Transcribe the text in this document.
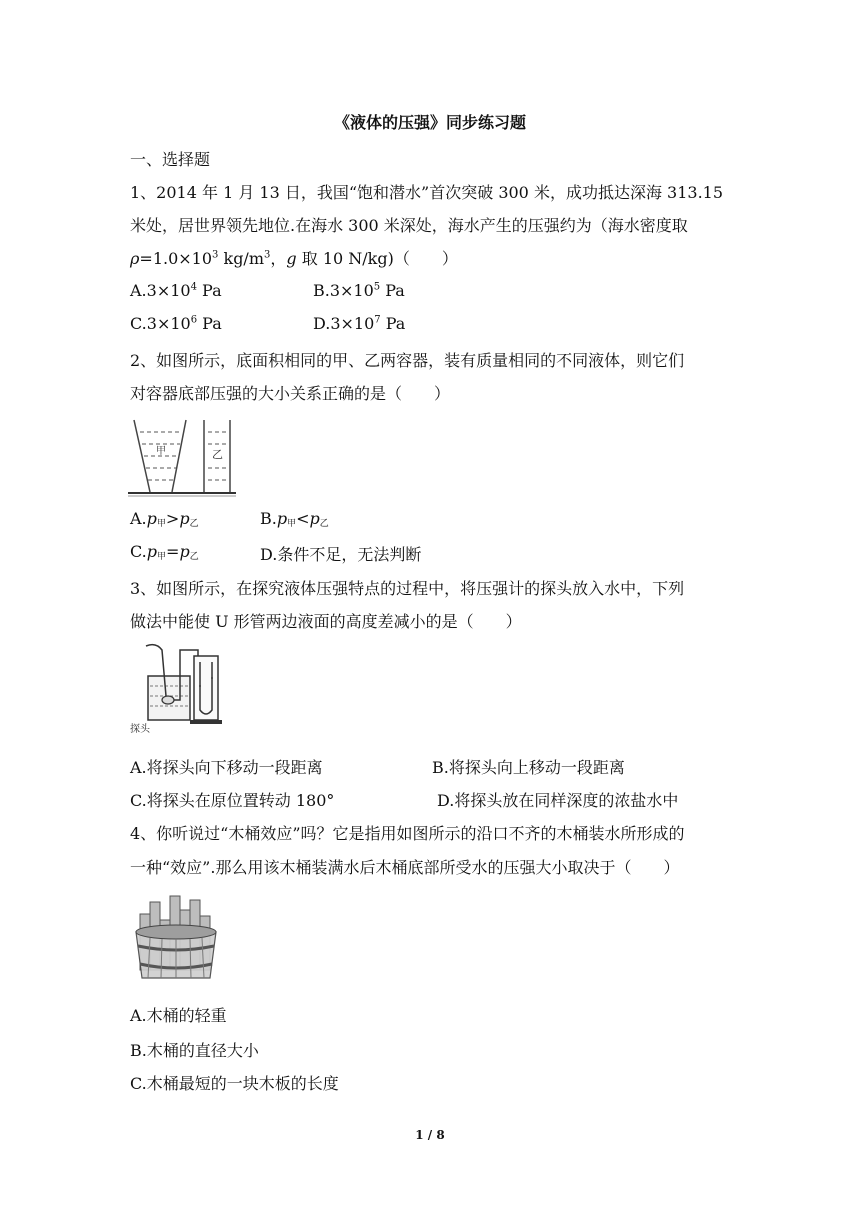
《液体的压强》同步练习题
一、选择题
1、2014 年 1 月 13 日，我国“饱和潜水”首次突破 300 米，成功抵达深海 313.15
米处，居世界领先地位.在海水 300 米深处，海水产生的压强约为（海水密度取
$\rho=1.0\times 10^3$ $kg/m^3$，g 取 10 N/kg)（　　）
$A.3\times 10^4$ Pa	$B.3\times 10^5$ Pa
$C.3\times 10^6$ Pa	$D.3\times 10^7$ Pa
2、如图所示，底面积相同的甲、乙两容器，装有质量相同的不同液体，则它们
对容器底部压强的大小关系正确的是（　　）
甲	乙
$A.p_甲>p_乙$	$B.p_甲<p_乙$
$C.p_甲=p_乙$	D.条件不足，无法判断
3、如图所示，在探究液体压强特点的过程中，将压强计的探头放入水中，下列
做法中能使 U 形管两边液面的高度差减小的是（　　）
探头
A.将探头向下移动一段距离	B.将探头向上移动一段距离
C.将探头在原位置转动 180°	D.将探头放在同样深度的浓盐水中
4、你听说过“木桶效应”吗？它是指用如图所示的沿口不齐的木桶装水所形成的
一种“效应”.那么用该木桶装满水后木桶底部所受水的压强大小取决于（　　）
A.木桶的轻重
B.木桶的直径大小
C.木桶最短的一块木板的长度
1 / 8
